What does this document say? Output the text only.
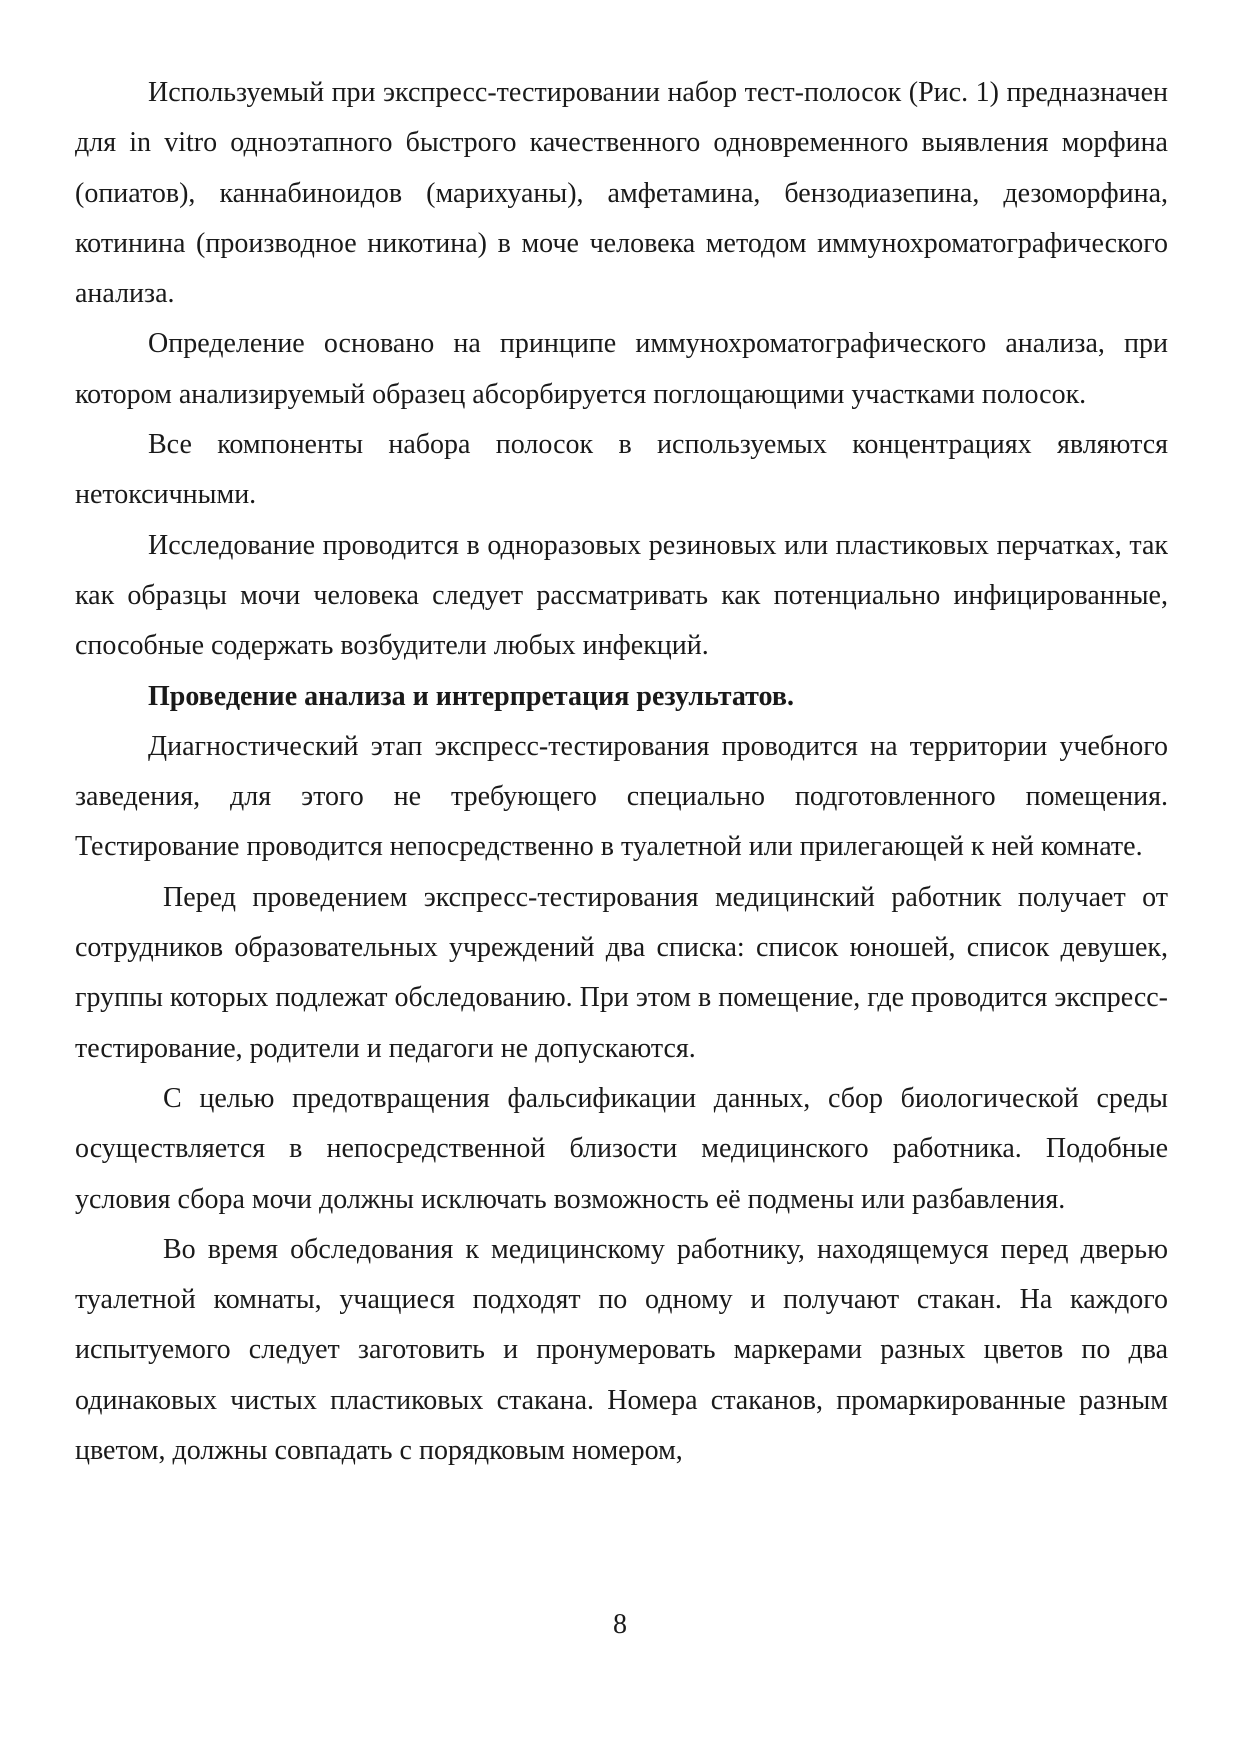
Используемый при экспресс-тестировании набор тест-полосок (Рис. 1) предназначен для in vitro одноэтапного быстрого качественного одновременного выявления морфина (опиатов), каннабиноидов (марихуаны), амфетамина, бензодиазепина, дезоморфина, котинина (производное никотина) в моче человека методом иммунохроматографического анализа.

Определение основано на принципе иммунохроматографического анализа, при котором анализируемый образец абсорбируется поглощающими участками полосок.

Все компоненты набора полосок в используемых концентрациях являются нетоксичными.

Исследование проводится в одноразовых резиновых или пластиковых перчатках, так как образцы мочи человека следует рассматривать как потенциально инфицированные, способные содержать возбудители любых инфекций.

Проведение анализа и интерпретация результатов.

Диагностический этап экспресс-тестирования проводится на территории учебного заведения, для этого не требующего специально подготовленного помещения. Тестирование проводится непосредственно в туалетной или прилегающей к ней комнате.

Перед проведением экспресс-тестирования медицинский работник получает от сотрудников образовательных учреждений два списка: список юношей, список девушек, группы которых подлежат обследованию. При этом в помещение, где проводится экспресс-тестирование, родители и педагоги не допускаются.

С целью предотвращения фальсификации данных, сбор биологической среды осуществляется в непосредственной близости медицинского работника. Подобные условия сбора мочи должны исключать возможность её подмены или разбавления.

Во время обследования к медицинскому работнику, находящемуся перед дверью туалетной комнаты, учащиеся подходят по одному и получают стакан. На каждого испытуемого следует заготовить и пронумеровать маркерами разных цветов по два одинаковых чистых пластиковых стакана. Номера стаканов, промаркированные разным цветом, должны совпадать с порядковым номером,

8
